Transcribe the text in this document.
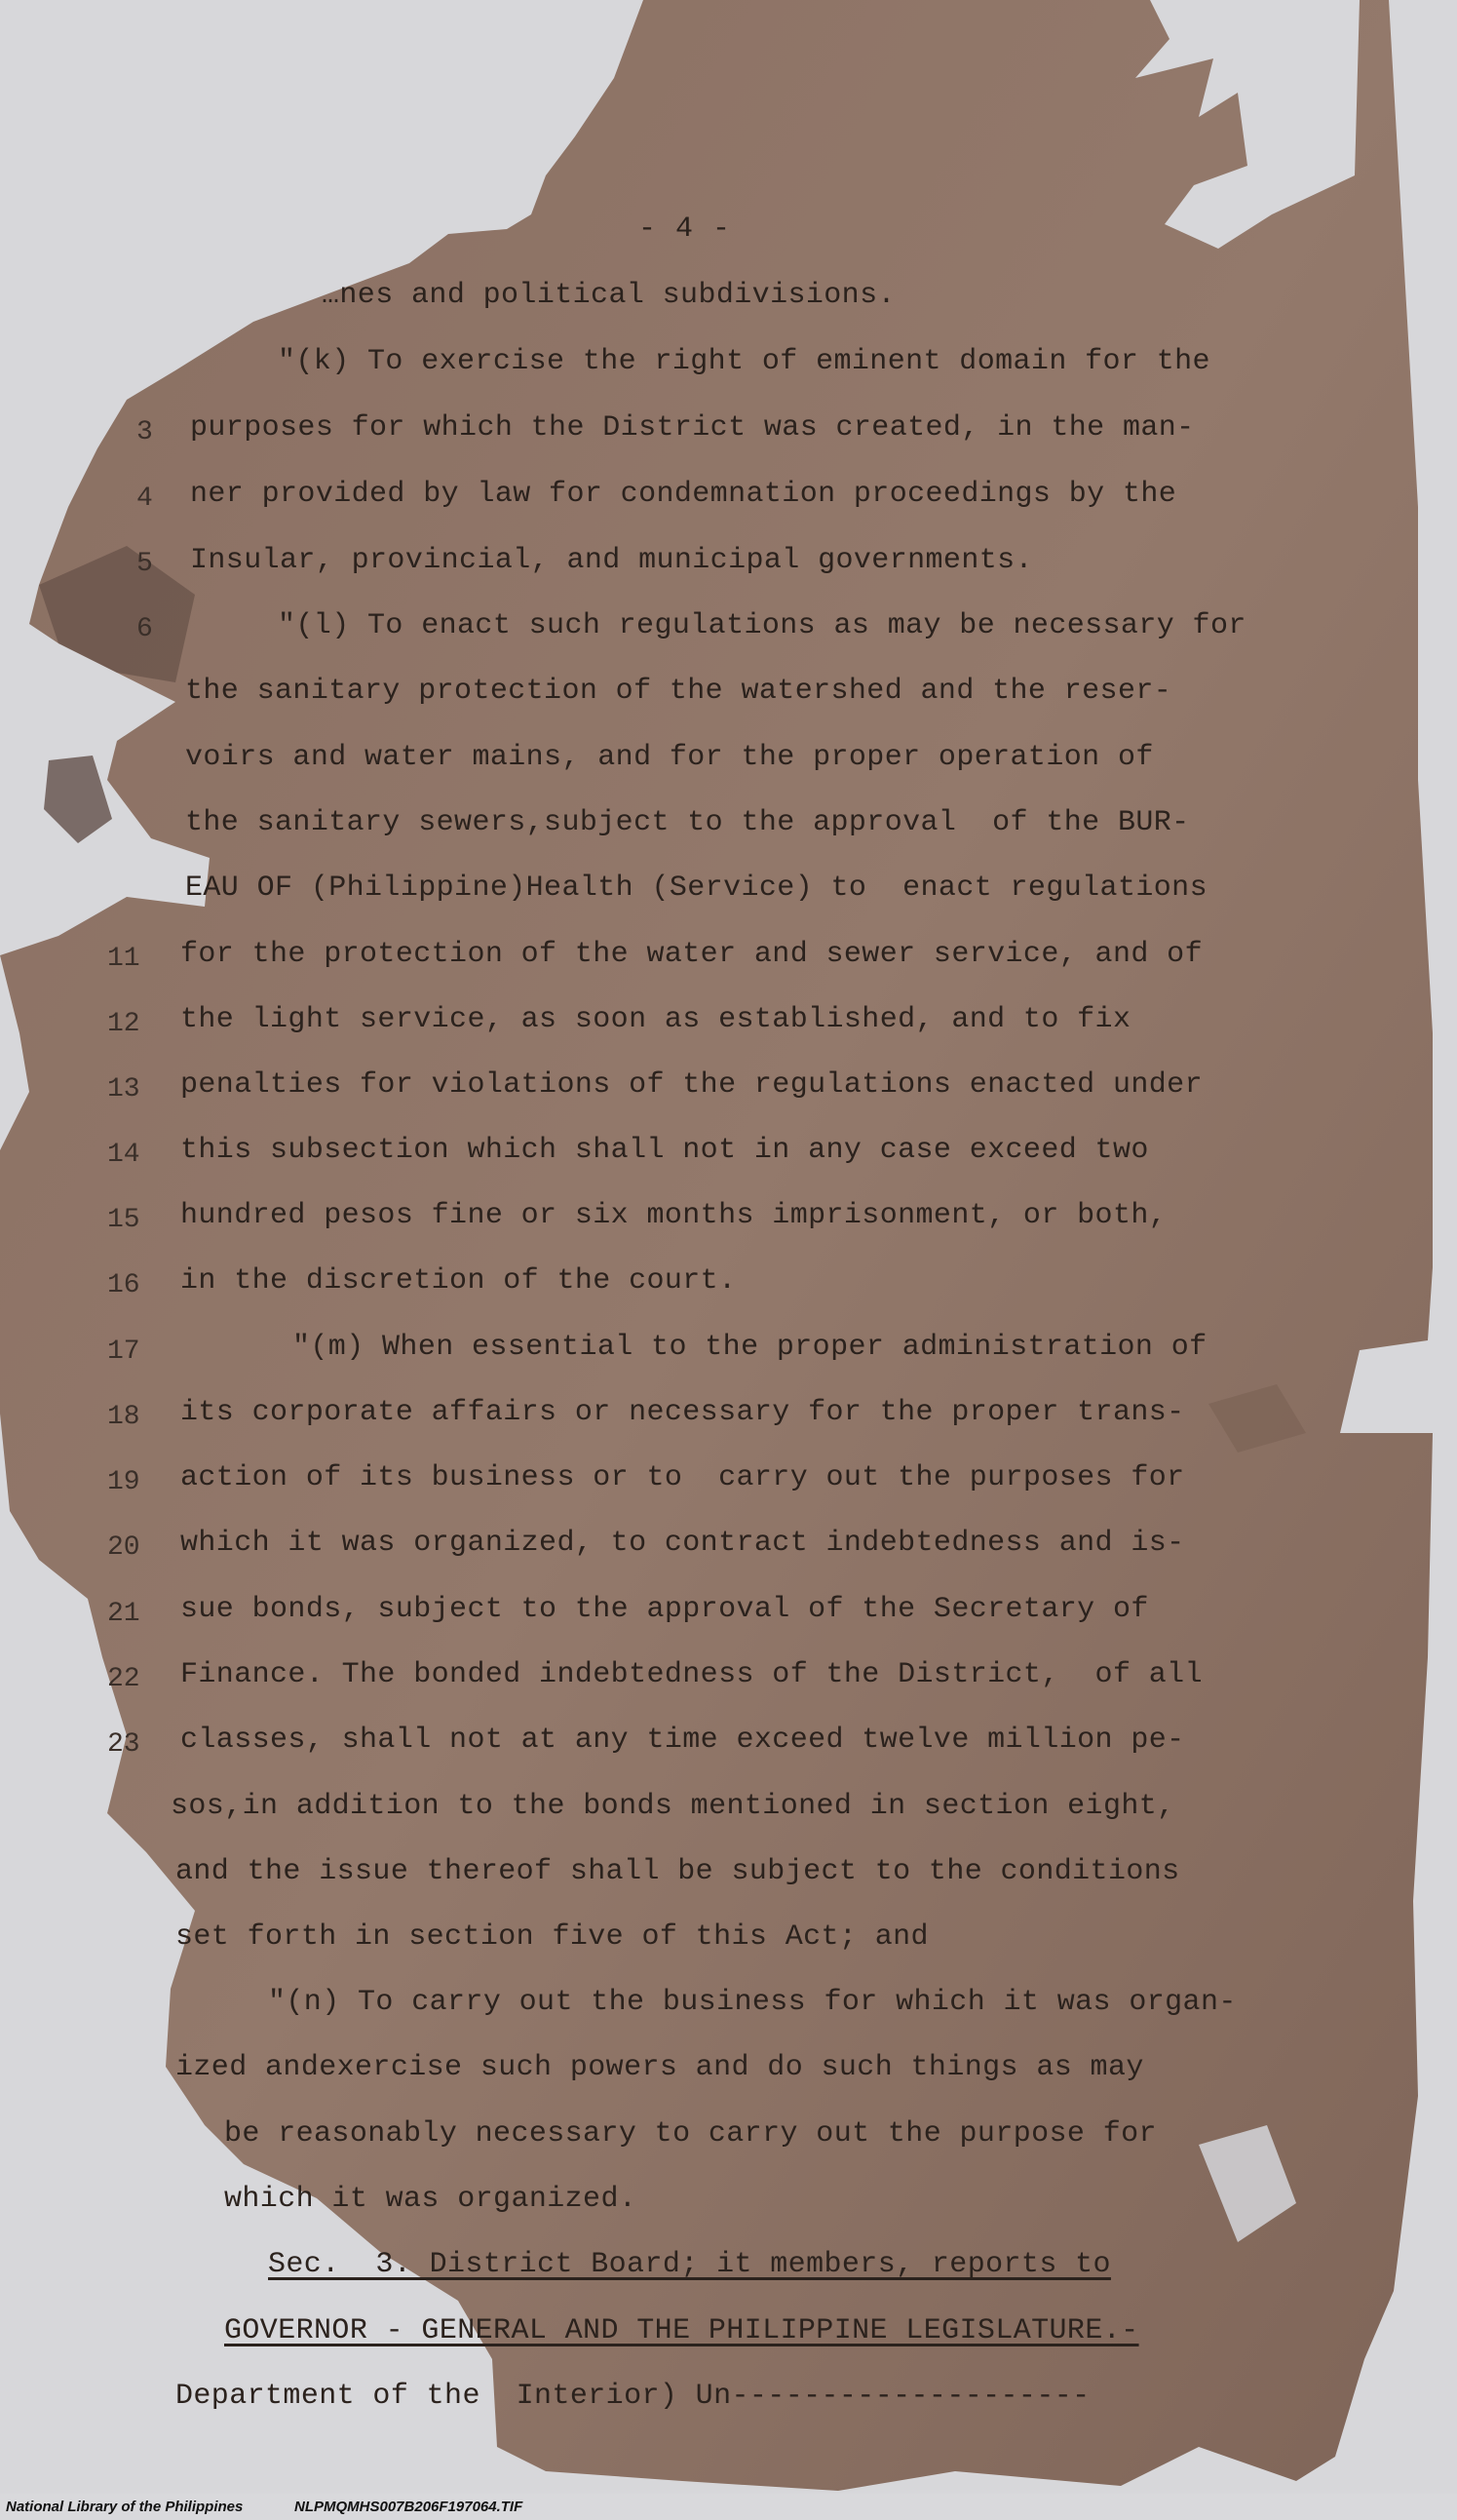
- 4 -
3
4
5
6
11
12
13
14
15
16
17
18
19
20
21
22
23
…nes and political subdivisions.
"(k) To exercise the right of eminent domain for the
purposes for which the District was created, in the man-
ner provided by law for condemnation proceedings by the
Insular, provincial, and municipal governments.
"(l) To enact such regulations as may be necessary for
the sanitary protection of the watershed and the reser-
voirs and water mains, and for the proper operation of
the sanitary sewers,subject to the approval  of the BUR-
EAU OF (Philippine)Health (Service) to  enact regulations
for the protection of the water and sewer service, and of
the light service, as soon as established, and to fix
penalties for violations of the regulations enacted under
this subsection which shall not in any case exceed two
hundred pesos fine or six months imprisonment, or both,
in the discretion of the court.
"(m) When essential to the proper administration of
its corporate affairs or necessary for the proper trans-
action of its business or to  carry out the purposes for
which it was organized, to contract indebtedness and is-
sue bonds, subject to the approval of the Secretary of
Finance. The bonded indebtedness of the District,  of all
classes, shall not at any time exceed twelve million pe-
sos,in addition to the bonds mentioned in section eight,
and the issue thereof shall be subject to the conditions
set forth in section five of this Act; and
"(n) To carry out the business for which it was organ-
ized andexercise such powers and do such things as may
be reasonably necessary to carry out the purpose for
which it was organized.
Sec.  3. District Board; it members, reports to
GOVERNOR - GENERAL AND THE PHILIPPINE LEGISLATURE.-
Department of the  Interior) Un--------------------
National Library of the Philippines	NLPMQMHS007B206F197064.TIF
